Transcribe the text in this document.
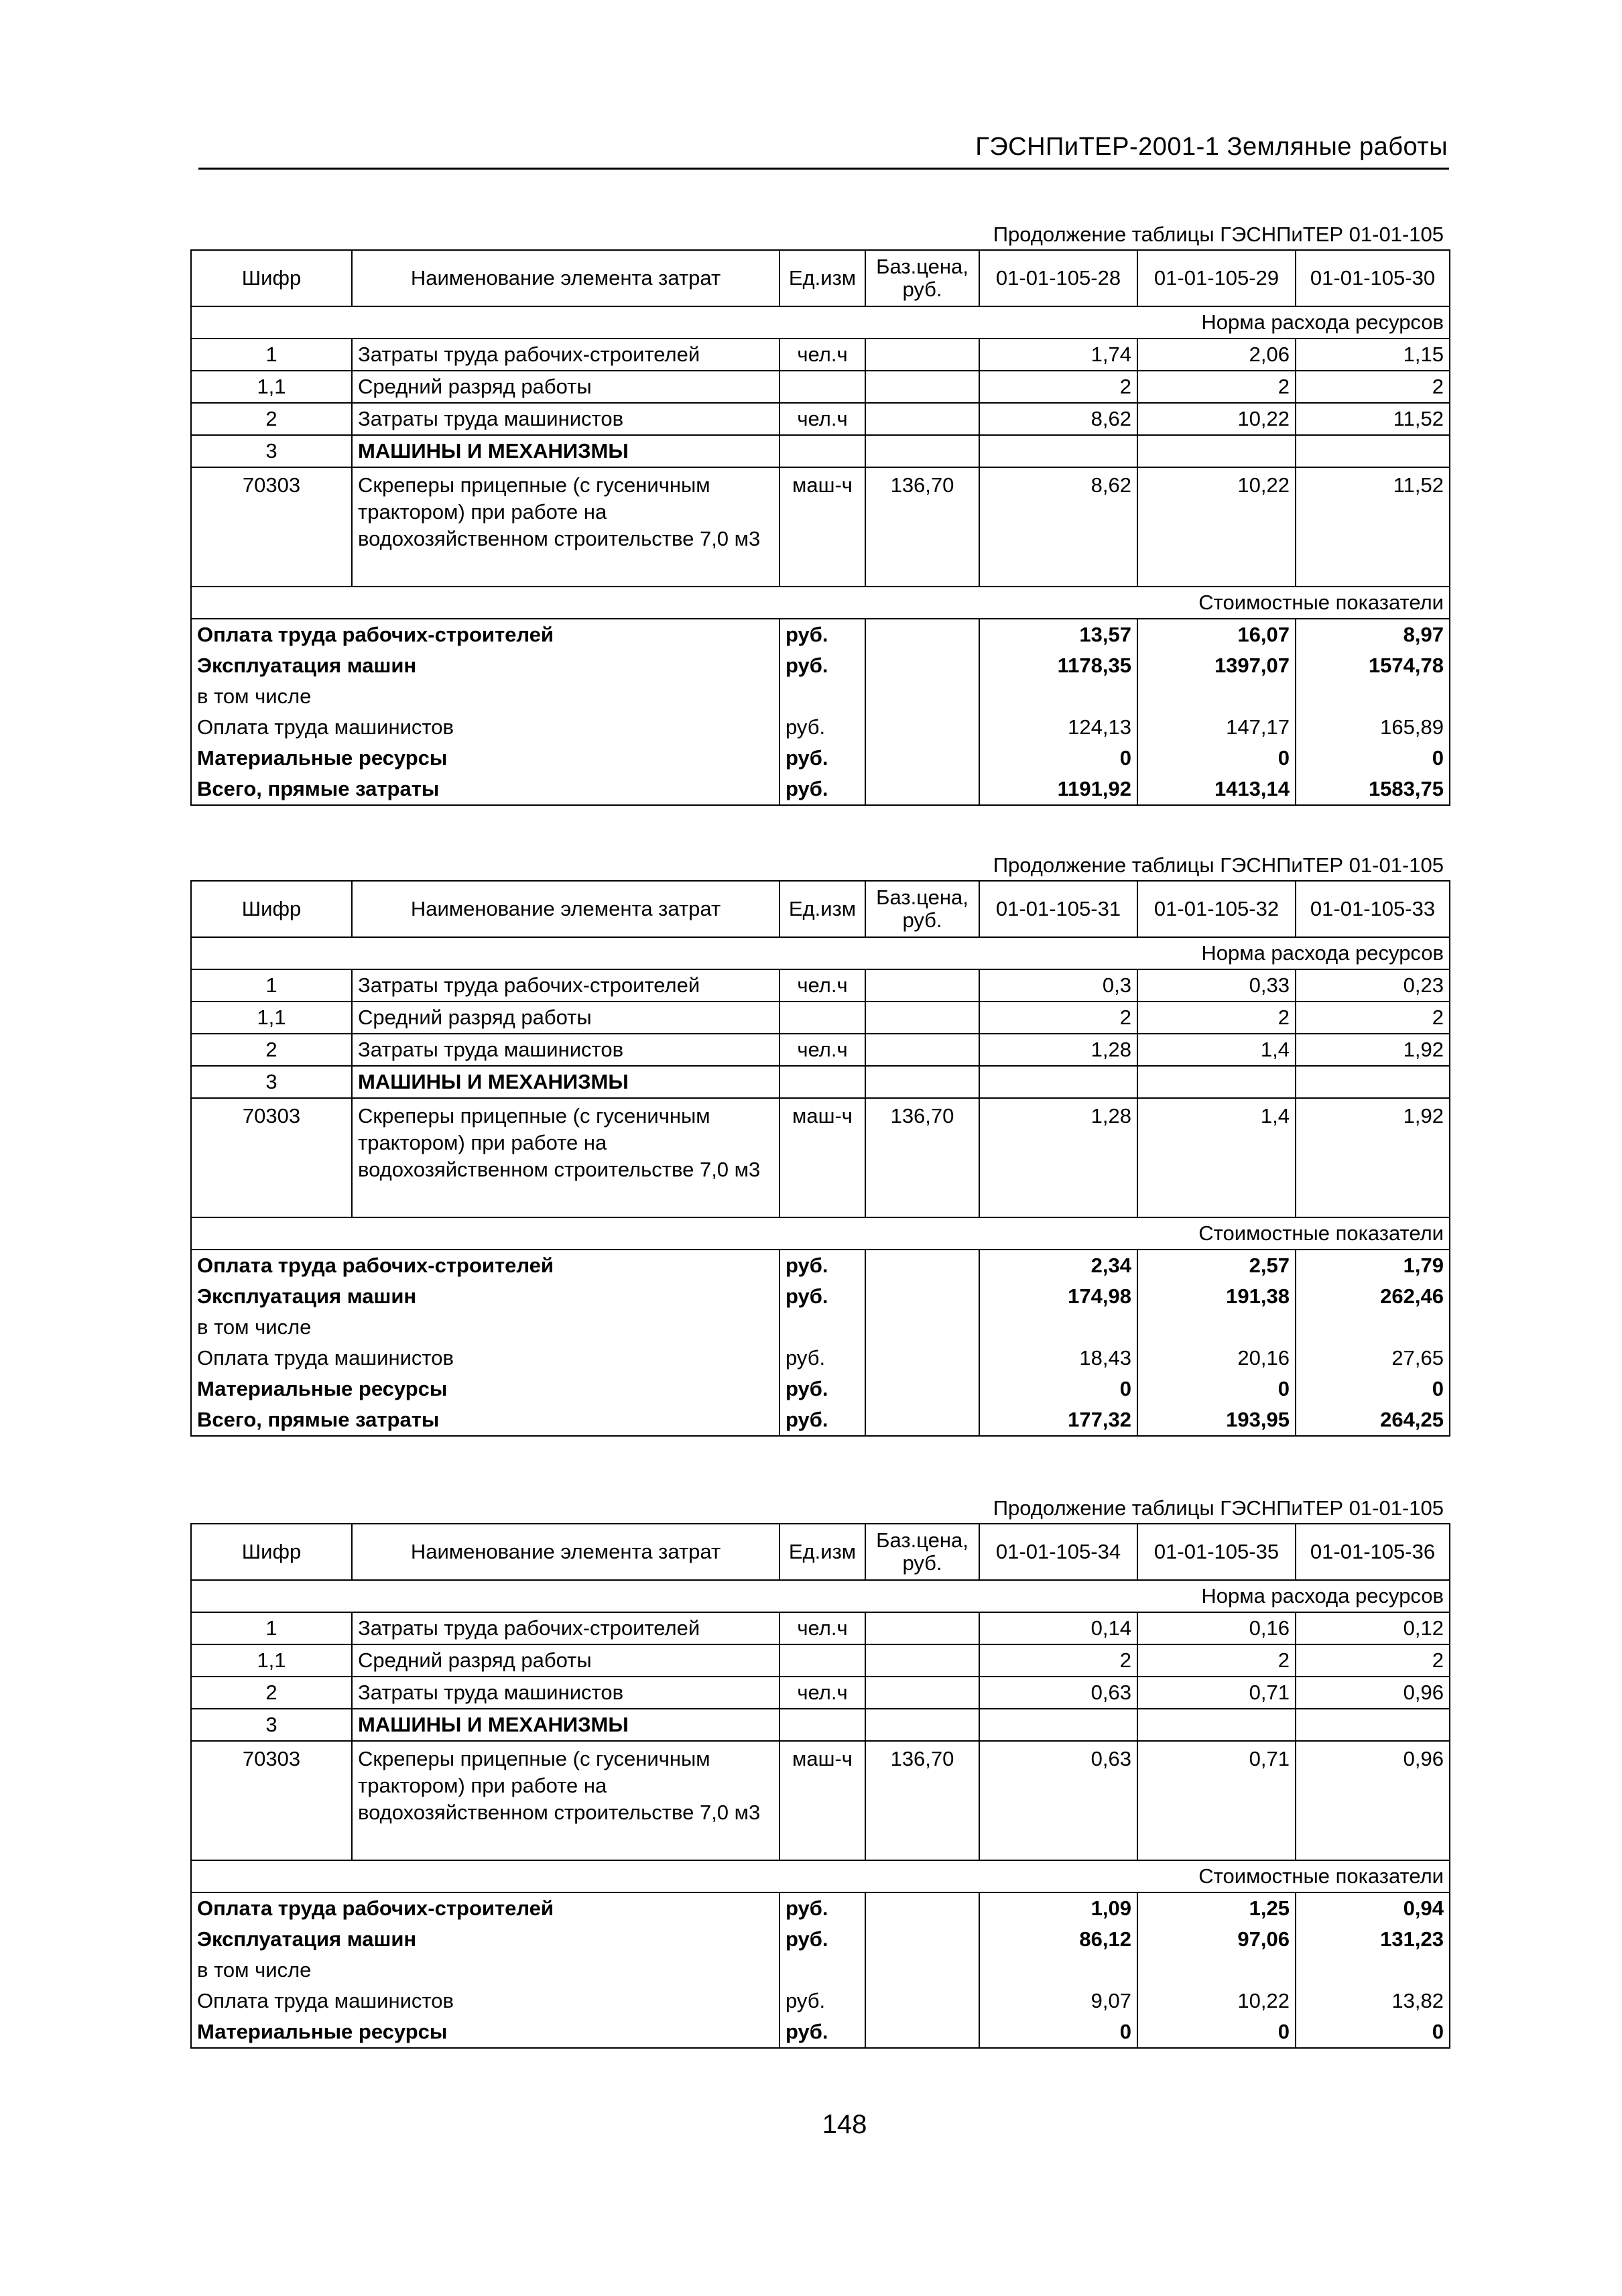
ГЭСНПиТЕР-2001-1 Земляные работы
Продолжение таблицы ГЭСНПиТЕР 01-01-105
Шифр	Наименование элемента затрат	Ед.изм	Баз.цена, руб.	01-01-105-28	01-01-105-29	01-01-105-30
Норма расхода ресурсов						
1	Затраты труда рабочих-строителей	чел.ч		1,74	2,06	1,15
1,1	Средний разряд работы			2	2	2
2	Затраты труда машинистов	чел.ч		8,62	10,22	11,52
3	МАШИНЫ И МЕХАНИЗМЫ					
70303	Скреперы прицепные (с гусеничным трактором) при работе на водохозяйственном строительстве 7,0 м3	маш-ч	136,70	8,62	10,22	11,52
Стоимостные показатели						
Оплата труда рабочих-строителей		руб.		13,57	16,07	8,97
Эксплуатация машин		руб.		1178,35	1397,07	1574,78
в том числе						
Оплата труда машинистов		руб.		124,13	147,17	165,89
Материальные ресурсы		руб.		0	0	0
Всего, прямые затраты		руб.		1191,92	1413,14	1583,75
Продолжение таблицы ГЭСНПиТЕР 01-01-105
Шифр	Наименование элемента затрат	Ед.изм	Баз.цена, руб.	01-01-105-31	01-01-105-32	01-01-105-33
Норма расхода ресурсов						
1	Затраты труда рабочих-строителей	чел.ч		0,3	0,33	0,23
1,1	Средний разряд работы			2	2	2
2	Затраты труда машинистов	чел.ч		1,28	1,4	1,92
3	МАШИНЫ И МЕХАНИЗМЫ					
70303	Скреперы прицепные (с гусеничным трактором) при работе на водохозяйственном строительстве 7,0 м3	маш-ч	136,70	1,28	1,4	1,92
Стоимостные показатели						
Оплата труда рабочих-строителей		руб.		2,34	2,57	1,79
Эксплуатация машин		руб.		174,98	191,38	262,46
в том числе						
Оплата труда машинистов		руб.		18,43	20,16	27,65
Материальные ресурсы		руб.		0	0	0
Всего, прямые затраты		руб.		177,32	193,95	264,25
Продолжение таблицы ГЭСНПиТЕР 01-01-105
Шифр	Наименование элемента затрат	Ед.изм	Баз.цена, руб.	01-01-105-34	01-01-105-35	01-01-105-36
Норма расхода ресурсов						
1	Затраты труда рабочих-строителей	чел.ч		0,14	0,16	0,12
1,1	Средний разряд работы			2	2	2
2	Затраты труда машинистов	чел.ч		0,63	0,71	0,96
3	МАШИНЫ И МЕХАНИЗМЫ					
70303	Скреперы прицепные (с гусеничным трактором) при работе на водохозяйственном строительстве 7,0 м3	маш-ч	136,70	0,63	0,71	0,96
Стоимостные показатели						
Оплата труда рабочих-строителей		руб.		1,09	1,25	0,94
Эксплуатация машин		руб.		86,12	97,06	131,23
в том числе						
Оплата труда машинистов		руб.		9,07	10,22	13,82
Материальные ресурсы		руб.		0	0	0
148
